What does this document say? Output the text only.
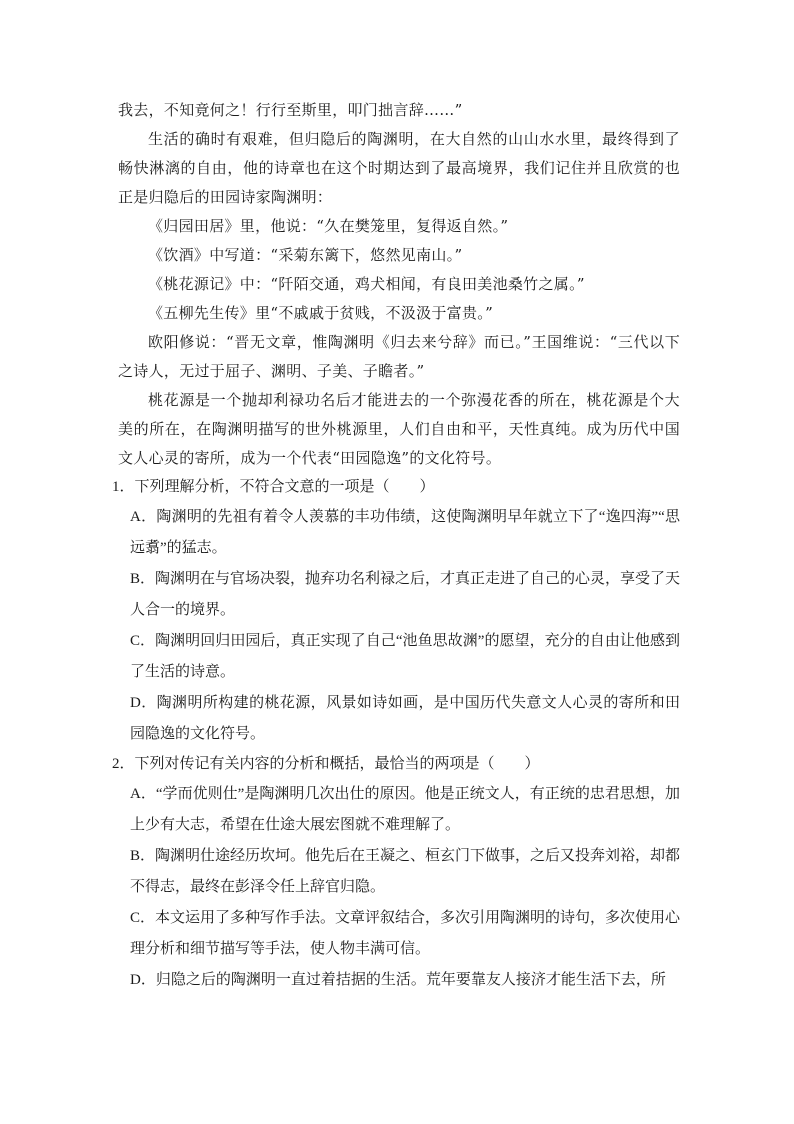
我去，不知竟何之！行行至斯里，叩门拙言辞……”

生活的确时有艰难，但归隐后的陶渊明，在大自然的山山水水里，最终得到了畅快淋漓的自由，他的诗章也在这个时期达到了最高境界，我们记住并且欣赏的也正是归隐后的田园诗家陶渊明：

《归园田居》里，他说：“久在樊笼里，复得返自然。”

《饮酒》中写道：“采菊东篱下，悠然见南山。”

《桃花源记》中：“阡陌交通，鸡犬相闻，有良田美池桑竹之属。”

《五柳先生传》里“不戚戚于贫贱，不汲汲于富贵。”

欧阳修说：“晋无文章，惟陶渊明《归去来兮辞》而已。”王国维说：“三代以下之诗人，无过于屈子、渊明、子美、子瞻者。”

桃花源是一个抛却利禄功名后才能进去的一个弥漫花香的所在，桃花源是个大美的所在，在陶渊明描写的世外桃源里，人们自由和平，天性真纯。成为历代中国文人心灵的寄所，成为一个代表“田园隐逸”的文化符号。

1．下列理解分析，不符合文意的一项是（　　）

A．陶渊明的先祖有着令人羡慕的丰功伟绩，这使陶渊明早年就立下了“逸四海”“思远翥”的猛志。

B．陶渊明在与官场决裂，抛弃功名利禄之后，才真正走进了自己的心灵，享受了天人合一的境界。

C．陶渊明回归田园后，真正实现了自己“池鱼思故渊”的愿望，充分的自由让他感到了生活的诗意。

D．陶渊明所构建的桃花源，风景如诗如画，是中国历代失意文人心灵的寄所和田园隐逸的文化符号。

2．下列对传记有关内容的分析和概括，最恰当的两项是（　　）

A．“学而优则仕”是陶渊明几次出仕的原因。他是正统文人，有正统的忠君思想，加上少有大志，希望在仕途大展宏图就不难理解了。

B．陶渊明仕途经历坎坷。他先后在王凝之、桓玄门下做事，之后又投奔刘裕，却都不得志，最终在彭泽令任上辞官归隐。

C．本文运用了多种写作手法。文章评叙结合，多次引用陶渊明的诗句，多次使用心理分析和细节描写等手法，使人物丰满可信。

D．归隐之后的陶渊明一直过着拮据的生活。荒年要靠友人接济才能生活下去，所
